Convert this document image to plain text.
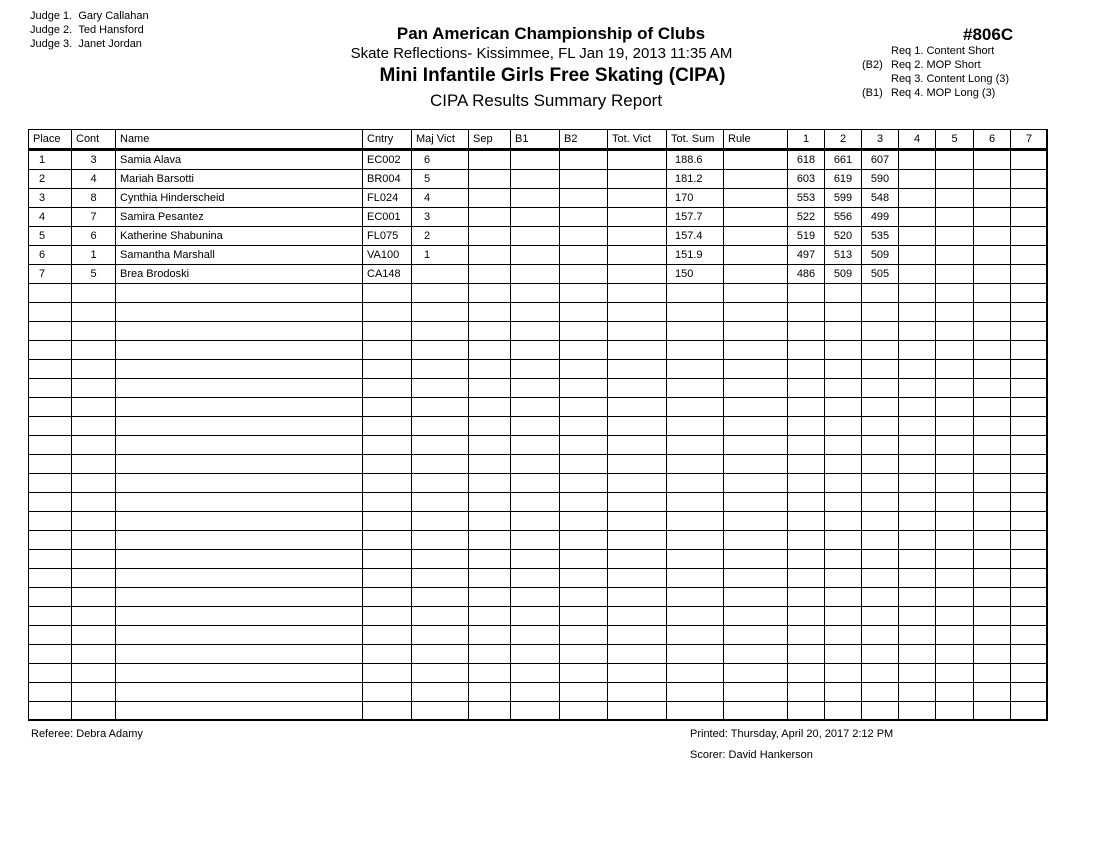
Judge 1. Gary Callahan
Judge 2. Ted Hansford
Judge 3. Janet Jordan
Pan American Championship of Clubs
Skate Reflections- Kissimmee, FL Jan 19, 2013 11:35 AM
Mini Infantile Girls Free Skating (CIPA)
CIPA Results Summary Report
#806C
Req 1. Content Short
(B2) Req 2. MOP Short
Req 3. Content Long (3)
(B1) Req 4. MOP Long (3)
Place	Cont	Name	Cntry	Maj Vict	Sep	B1	B2	Tot. Vict	Tot. Sum	Rule	1	2	3	4	5	6	7
1	3	Samia Alava	EC002	6					188.6		618	661	607				
2	4	Mariah Barsotti	BR004	5					181.2		603	619	590				
3	8	Cynthia Hinderscheid	FL024	4					170		553	599	548				
4	7	Samira Pesantez	EC001	3					157.7		522	556	499				
5	6	Katherine Shabunina	FL075	2					157.4		519	520	535				
6	1	Samantha Marshall	VA100	1					151.9		497	513	509				
7	5	Brea Brodoski	CA148						150		486	509	505				

Referee: Debra Adamy	Printed: Thursday, April 20, 2017 2:12 PM
Scorer: David Hankerson
